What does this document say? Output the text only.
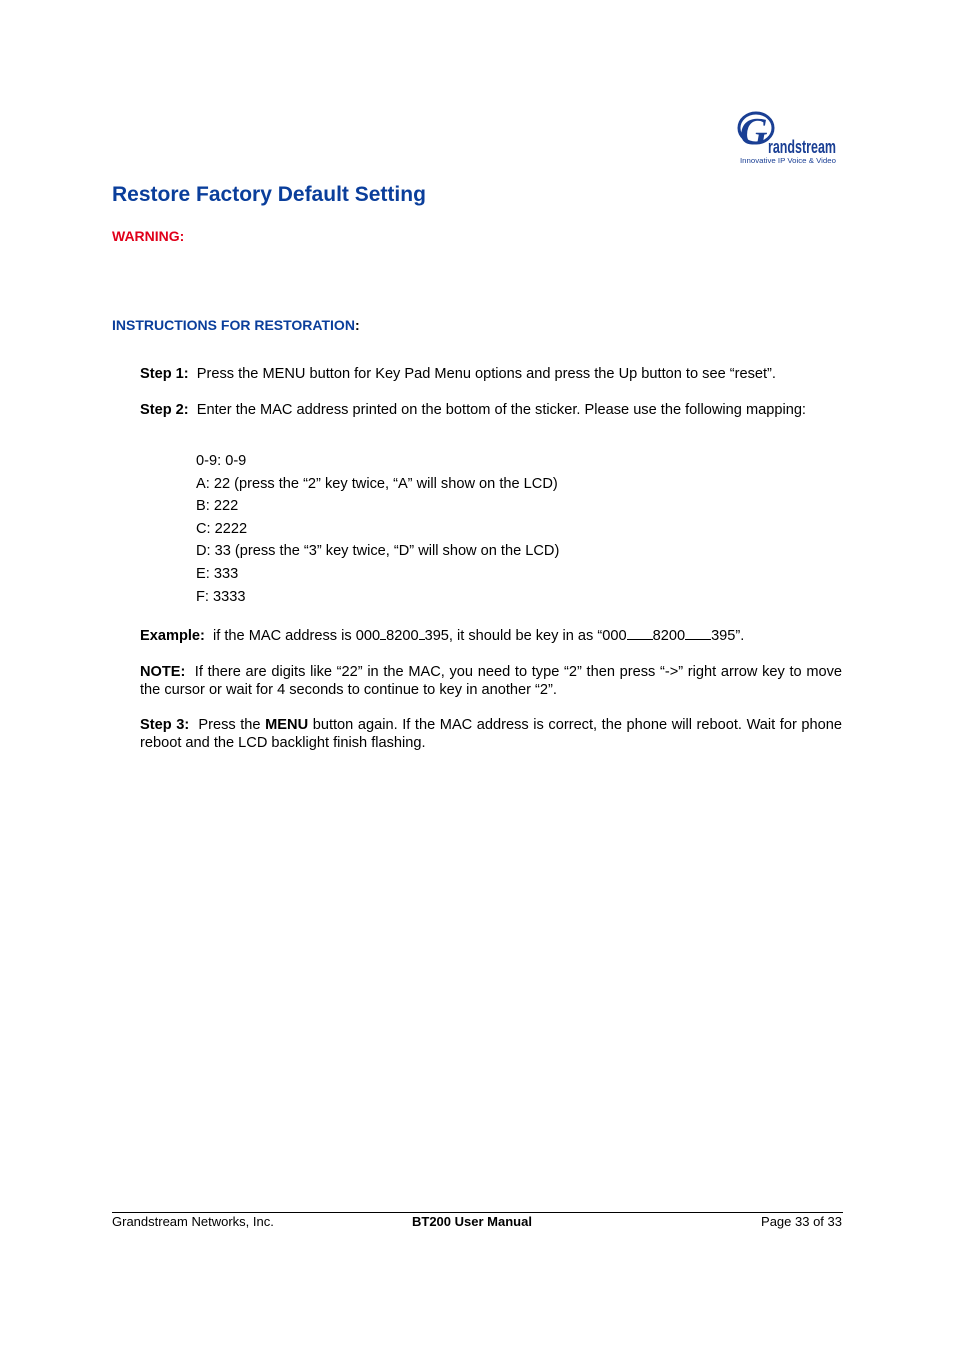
G randstream
Innovative IP Voice & Video
Restore Factory Default Setting
WARNING:
INSTRUCTIONS FOR RESTORATION:
Step 1: Press the MENU button for Key Pad Menu options and press the Up button to see “reset”.
Step 2: Enter the MAC address printed on the bottom of the sticker. Please use the following mapping:
0-9: 0-9
A: 22 (press the “2” key twice, “A” will show on the LCD)
B: 222
C: 2222
D: 33 (press the “3” key twice, “D” will show on the LCD)
E: 333
F: 3333
Example: if the MAC address is 000 8200 395, it should be key in as “000 8200 395”.
NOTE: If there are digits like “22” in the MAC, you need to type “2” then press “->” right arrow key to move the cursor or wait for 4 seconds to continue to key in another “2”.
Step 3: Press the MENU button again. If the MAC address is correct, the phone will reboot. Wait for phone reboot and the LCD backlight finish flashing.
Grandstream Networks, Inc.	BT200 User Manual	Page 33 of 33
